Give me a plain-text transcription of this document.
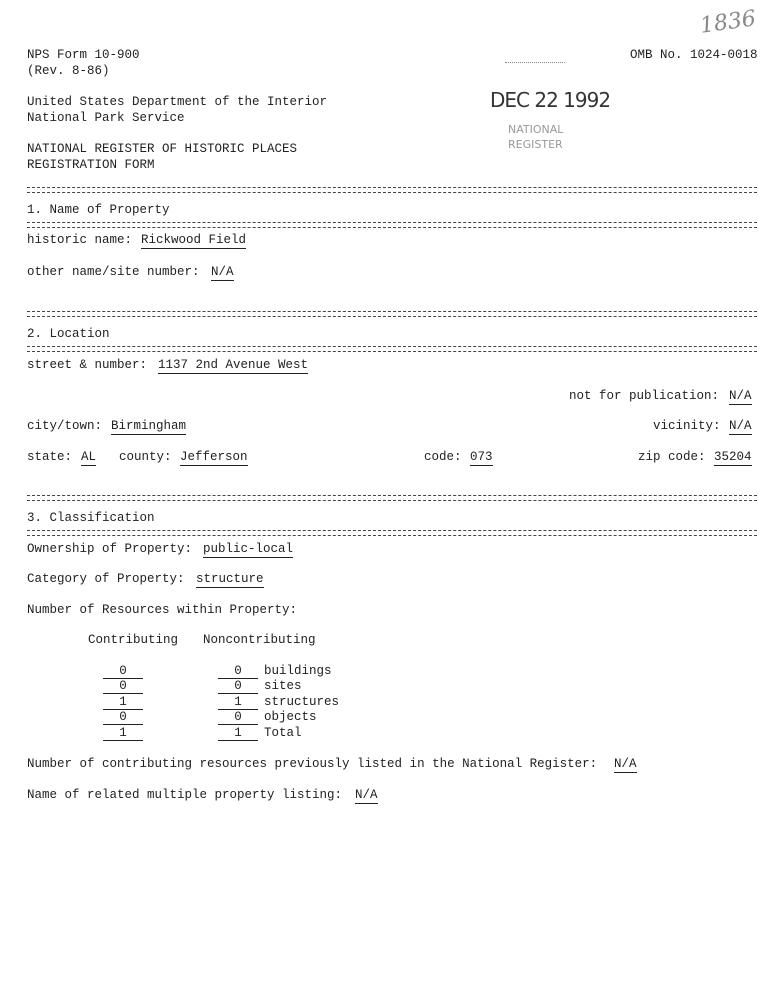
NPS Form 10-900
(Rev. 8-86)
OMB No. 1024-0018
1836
United States Department of the Interior
National Park Service
DEC 22 1992
NATIONAL
REGISTER
NATIONAL REGISTER OF HISTORIC PLACES
REGISTRATION FORM
1. Name of Property
historic name: Rickwood Field
other name/site number: N/A
2. Location
street & number: 1137 2nd Avenue West
not for publication: N/A
city/town: Birmingham	vicinity: N/A
state: AL county: Jefferson	code: 073	zip code: 35204
3. Classification
Ownership of Property: public-local
Category of Property: structure
Number of Resources within Property:
Contributing Noncontributing
0	0	buildings
0	0	sites
1	1	structures
0	0	objects
1	1	Total
Number of contributing resources previously listed in the National Register: N/A
Name of related multiple property listing: N/A
